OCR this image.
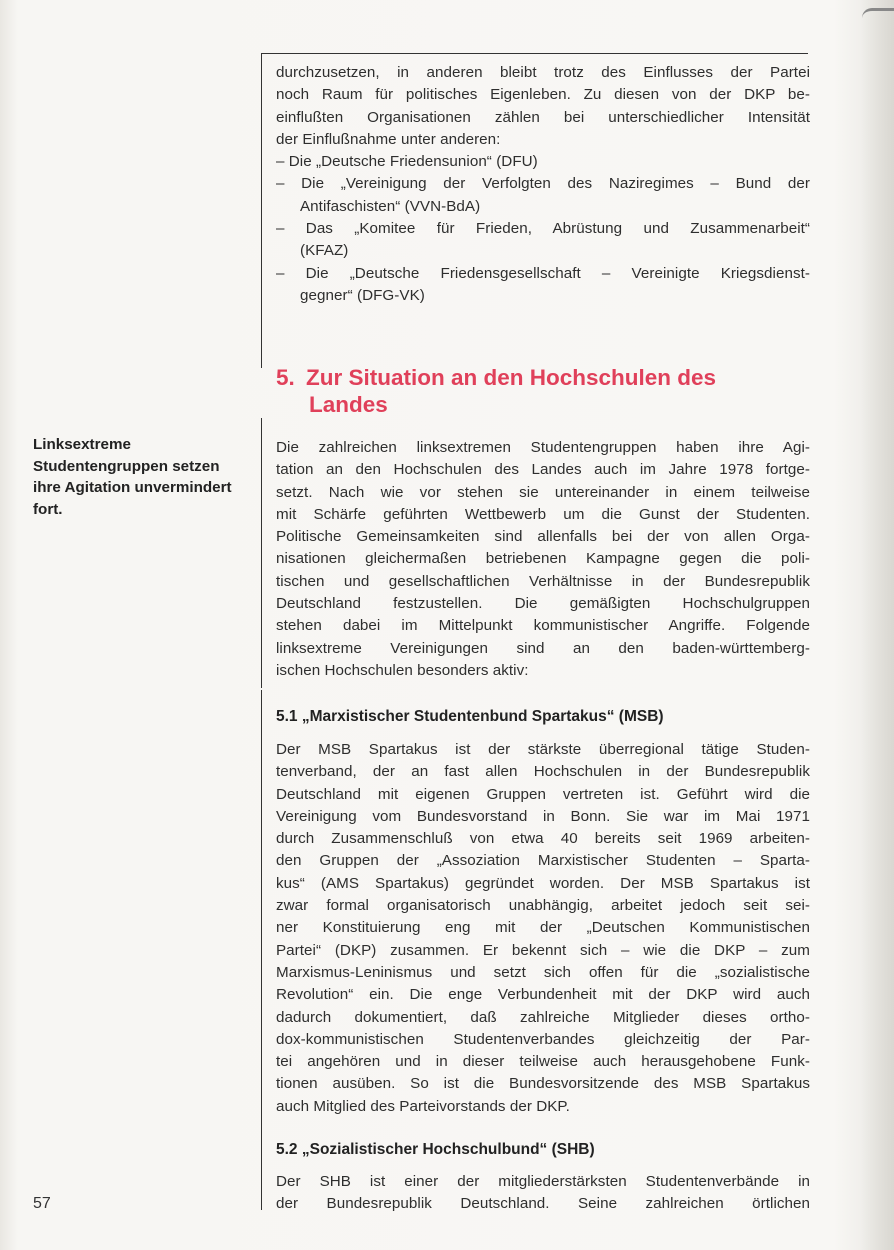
durchzusetzen, in anderen bleibt trotz des Einflusses der Partei
noch Raum für politisches Eigenleben. Zu diesen von der DKP be-
einflußten Organisationen zählen bei unterschiedlicher Intensität
der Einflußnahme unter anderen:
– Die „Deutsche Friedensunion“ (DFU)
– Die „Vereinigung der Verfolgten des Naziregimes – Bund der
Antifaschisten“ (VVN-BdA)
– Das „Komitee für Frieden, Abrüstung und Zusammenarbeit“
(KFAZ)
– Die „Deutsche Friedensgesellschaft – Vereinigte Kriegsdienst-
gegner“ (DFG-VK)
5. Zur Situation an den Hochschulen des
Landes
Linksextreme Studentengruppen setzen ihre Agitation unvermindert fort.
Die zahlreichen linksextremen Studentengruppen haben ihre Agi-
tation an den Hochschulen des Landes auch im Jahre 1978 fortge-
setzt. Nach wie vor stehen sie untereinander in einem teilweise
mit Schärfe geführten Wettbewerb um die Gunst der Studenten.
Politische Gemeinsamkeiten sind allenfalls bei der von allen Orga-
nisationen gleichermaßen betriebenen Kampagne gegen die poli-
tischen und gesellschaftlichen Verhältnisse in der Bundesrepublik
Deutschland festzustellen. Die gemäßigten Hochschulgruppen
stehen dabei im Mittelpunkt kommunistischer Angriffe. Folgende
linksextreme Vereinigungen sind an den baden-württemberg-
ischen Hochschulen besonders aktiv:
5.1 „Marxistischer Studentenbund Spartakus“ (MSB)
Der MSB Spartakus ist der stärkste überregional tätige Studen-
tenverband, der an fast allen Hochschulen in der Bundesrepublik
Deutschland mit eigenen Gruppen vertreten ist. Geführt wird die
Vereinigung vom Bundesvorstand in Bonn. Sie war im Mai 1971
durch Zusammenschluß von etwa 40 bereits seit 1969 arbeiten-
den Gruppen der „Assoziation Marxistischer Studenten – Sparta-
kus“ (AMS Spartakus) gegründet worden. Der MSB Spartakus ist
zwar formal organisatorisch unabhängig, arbeitet jedoch seit sei-
ner Konstituierung eng mit der „Deutschen Kommunistischen
Partei“ (DKP) zusammen. Er bekennt sich – wie die DKP – zum
Marxismus-Leninismus und setzt sich offen für die „sozialistische
Revolution“ ein. Die enge Verbundenheit mit der DKP wird auch
dadurch dokumentiert, daß zahlreiche Mitglieder dieses ortho-
dox-kommunistischen Studentenverbandes gleichzeitig der Par-
tei angehören und in dieser teilweise auch herausgehobene Funk-
tionen ausüben. So ist die Bundesvorsitzende des MSB Spartakus
auch Mitglied des Parteivorstands der DKP.
5.2 „Sozialistischer Hochschulbund“ (SHB)
Der SHB ist einer der mitgliederstärksten Studentenverbände in
der Bundesrepublik Deutschland. Seine zahlreichen örtlichen
57
